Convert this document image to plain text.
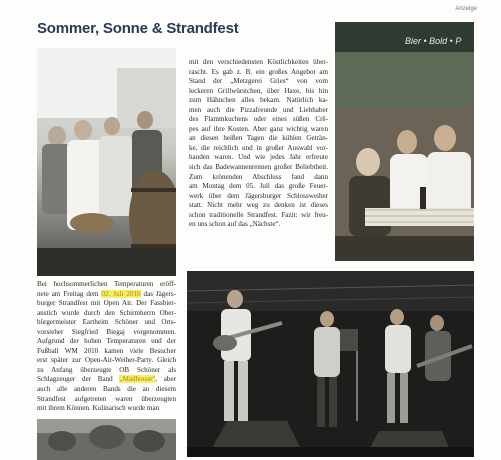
Anzeige
Sommer, Sonne & Strandfest
Bier • Bold • P
Bei hochsommerlichen Temperaturen eröff-
nete am Freitag dem 02. Juli 2010 das Jägers-
burger Strandfest mit Open Air. Der Fassbier-
anstich wurde durch den Schirmherrn Ober-
bürgermeister Eartheim Schöner und Orts-
vorsteher Siegfried Biegaj vorgenommen.
Aufgrund der hohen Temperaturen und der
Fußball WM 2010 kamen viele Besucher
erst später zur Open-Air-Weiher-Party. Gleich
zu Anfang überzeugte OB Schöner als
Schlagzeuger der Band „Madhouse“, aber
auch alle anderen Bands die an diesem
Strandfest aufgetreten waren überzeugten
mit ihrem Können. Kulinarisch wurde man
mit den verschiedensten Köstlichkeiten über-
rascht. Es gab z. B. ein großes Angebot am
Stand der „Metzgerei Gries“ von vom
leckeren Grillwürstchen, über Haxe, bis hin
zum Hähnchen alles bekam. Natürlich ka-
men auch die Pizzafreunde und Liebhaber
des Flammkuchens oder eines süßen Crê-
pes auf ihre Kosten. Aber ganz wichtig waren
an diesen heißen Tagen die kühlen Geträn-
ke, die reichlich und in großer Auswahl vor-
handen waren. Und wie jedes Jahr erfreute
sich das Badewannenrennen großer Beliebtheit.
Zum krönenden Abschluss fand dann
am Montag dem 05. Juli das große Feuer-
werk über dem Jägersburger Schlossweiher
statt. Nicht mehr weg zu denken ist dieses
schon traditionelle Strandfest. Fazit: wir freu-
en uns schon auf das „Nächste“.
